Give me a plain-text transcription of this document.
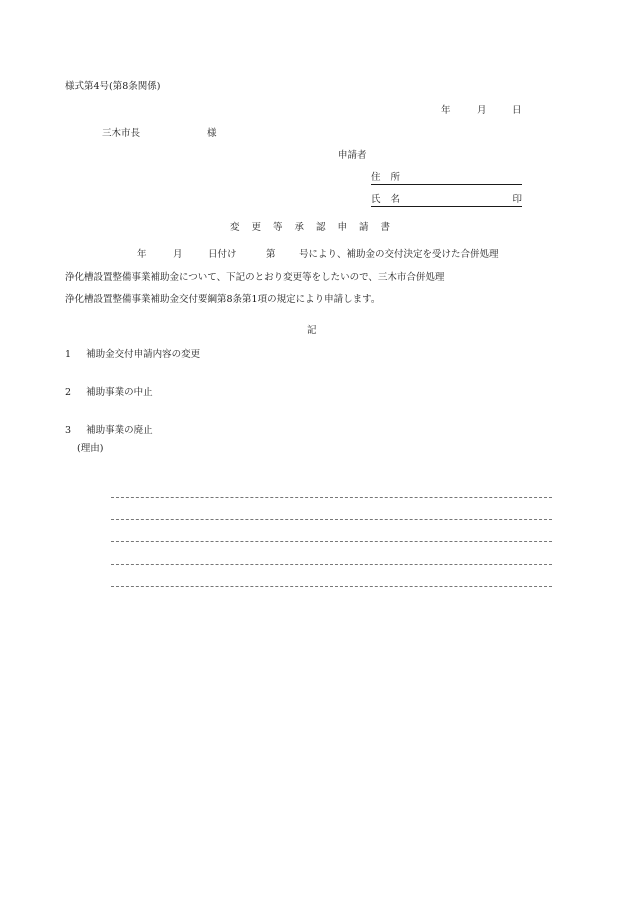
様式第4号(第8条関係)
年	月	日
三木市長	様
申請者
住所
氏名	印
変更等承認申請書
年	月	日付け	第 号により、補助金の交付決定を受けた合併処理
浄化槽設置整備事業補助金について、下記のとおり変更等をしたいので、三木市合併処理
浄化槽設置整備事業補助金交付要綱第8条第1項の規定により申請します。
記
1 補助金交付申請内容の変更
2 補助事業の中止
3 補助事業の廃止
(理由)
